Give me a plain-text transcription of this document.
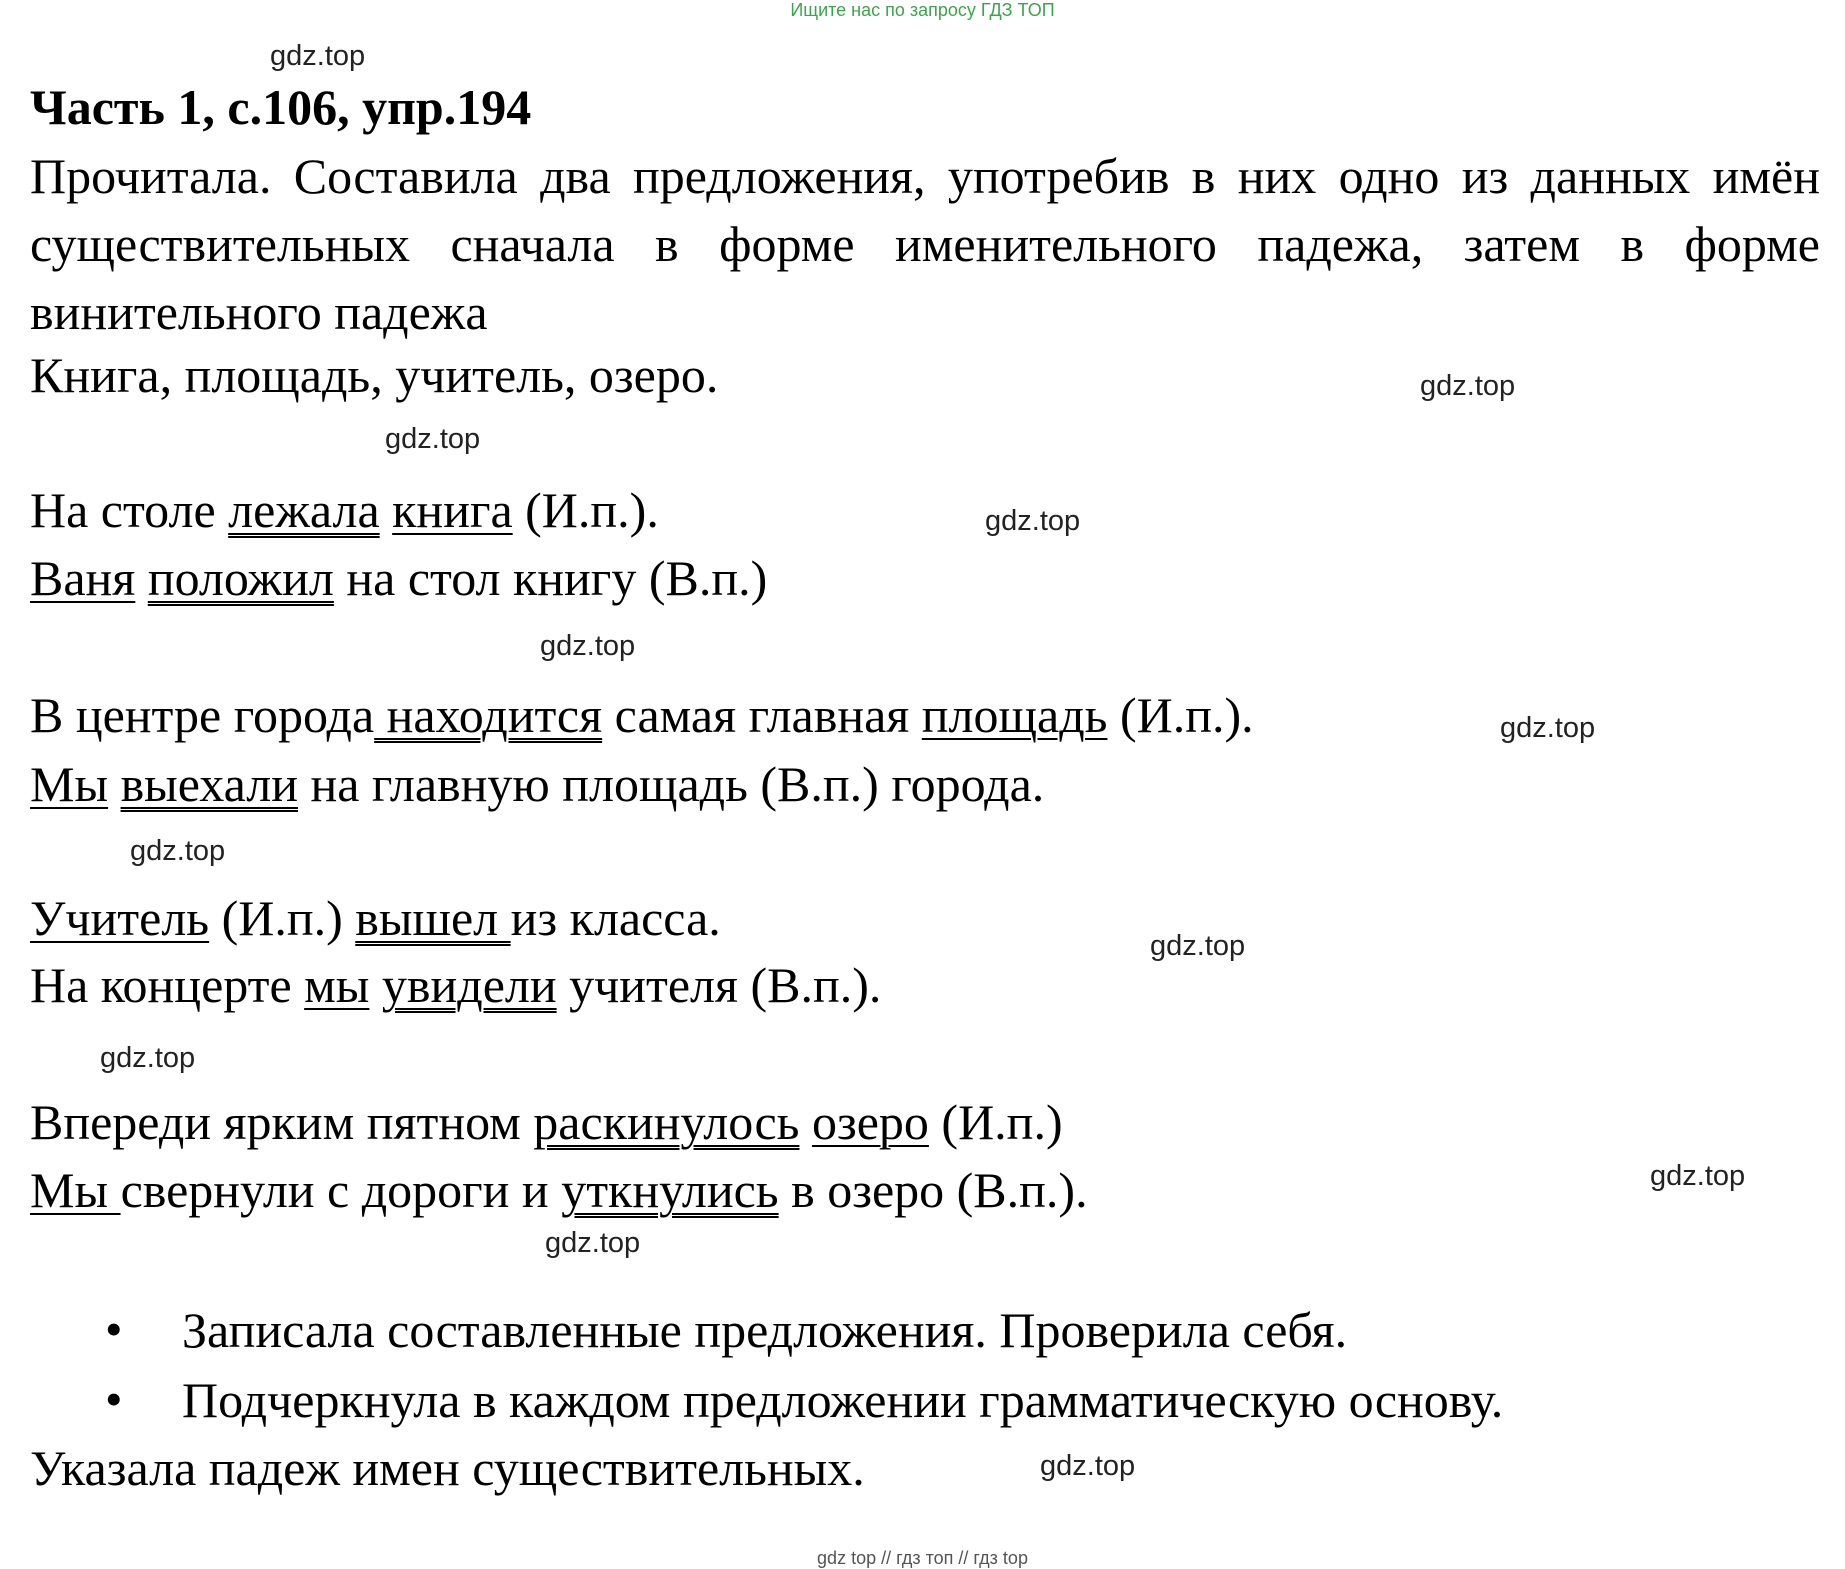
Ищите нас по запросу ГДЗ ТОП
gdz.top
gdz.top
gdz.top
gdz.top
gdz.top
gdz.top
gdz.top
gdz.top
gdz.top
gdz.top
gdz.top
gdz.top
Часть 1, с.106, упр.194
Прочитала. Составила два предложения, употребив в них одно из данных имён существительных сначала в форме именительного падежа, затем в форме винительного падежа
Книга, площадь, учитель, озеро.
На столе лежала книга (И.п.).
Ваня положил на стол книгу (В.п.)
В центре города находится самая главная площадь (И.п.).
Мы выехали на главную площадь (В.п.) города.
Учитель (И.п.) вышел из класса.
На концерте мы увидели учителя (В.п.).
Впереди ярким пятном раскинулось озеро (И.п.)
Мы свернули с дороги и уткнулись в озеро (В.п.).
• Записала составленные предложения. Проверила себя.
• Подчеркнула в каждом предложении грамматическую основу.
Указала падеж имен существительных.
gdz top // гдз топ // гдз top
